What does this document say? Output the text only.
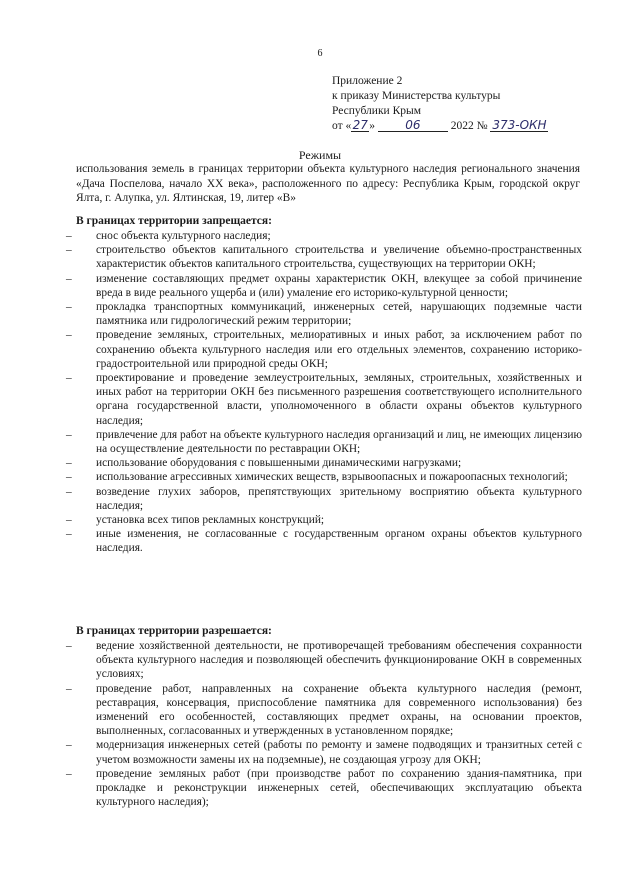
6
Приложение 2
к приказу Министерства культуры
Республики Крым
от «27»	06	2022 № 373-ОКН
Режимы
использования земель в границах территории объекта культурного наследия регионального значения «Дача Поспелова, начало XX века», расположенного по адресу: Республика Крым, городской округ Ялта, г. Алупка, ул. Ялтинская, 19, литер «В»
В границах территории запрещается:
– снос объекта культурного наследия;
– строительство объектов капитального строительства и увеличение объемно-пространственных характеристик объектов капитального строительства, существующих на территории ОКН;
– изменение составляющих предмет охраны характеристик ОКН, влекущее за собой причинение вреда в виде реального ущерба и (или) умаление его историко-культурной ценности;
– прокладка транспортных коммуникаций, инженерных сетей, нарушающих подземные части памятника или гидрологический режим территории;
– проведение земляных, строительных, мелиоративных и иных работ, за исключением работ по сохранению объекта культурного наследия или его отдельных элементов, сохранению историко-градостроительной или природной среды ОКН;
– проектирование и проведение землеустроительных, земляных, строительных, хозяйственных и иных работ на территории ОКН без письменного разрешения соответствующего исполнительного органа государственной власти, уполномоченного в области охраны объектов культурного наследия;
– привлечение для работ на объекте культурного наследия организаций и лиц, не имеющих лицензию на осуществление деятельности по реставрации ОКН;
– использование оборудования с повышенными динамическими нагрузками;
– использование агрессивных химических веществ, взрывоопасных и пожароопасных технологий;
– возведение глухих заборов, препятствующих зрительному восприятию объекта культурного наследия;
– установка всех типов рекламных конструкций;
– иные изменения, не согласованные с государственным органом охраны объектов культурного наследия.
В границах территории разрешается:
– ведение хозяйственной деятельности, не противоречащей требованиям обеспечения сохранности объекта культурного наследия и позволяющей обеспечить функционирование ОКН в современных условиях;
– проведение работ, направленных на сохранение объекта культурного наследия (ремонт, реставрация, консервация, приспособление памятника для современного использования) без изменений его особенностей, составляющих предмет охраны, на основании проектов, выполненных, согласованных и утвержденных в установленном порядке;
– модернизация инженерных сетей (работы по ремонту и замене подводящих и транзитных сетей с учетом возможности замены их на подземные), не создающая угрозу для ОКН;
– проведение земляных работ (при производстве работ по сохранению здания-памятника, при прокладке и реконструкции инженерных сетей, обеспечивающих эксплуатацию объекта культурного наследия);
